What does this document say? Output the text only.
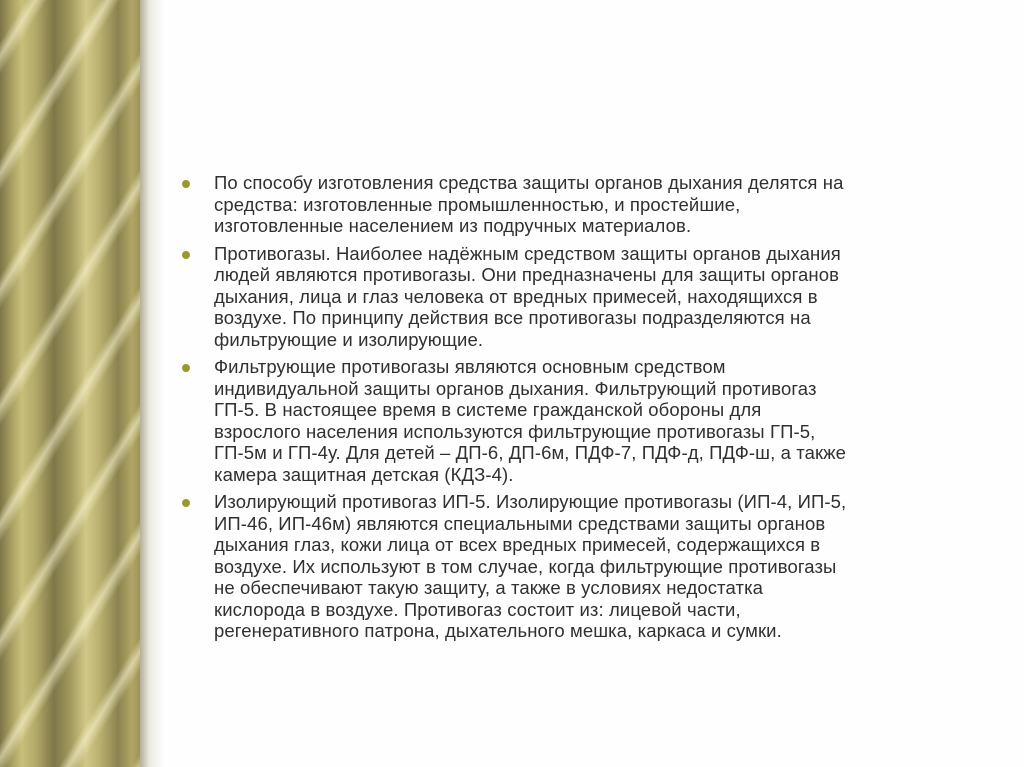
По способу изготовления средства защиты органов дыхания делятся на
средства: изготовленные промышленностью, и простейшие,
изготовленные населением из подручных материалов.
Противогазы. Наиболее надёжным средством защиты органов дыхания
людей являются противогазы. Они предназначены для защиты органов
дыхания, лица и глаз человека от вредных примесей, находящихся в
воздухе. По принципу действия все противогазы подразделяются на
фильтрующие и изолирующие.
Фильтрующие противогазы являются основным средством
индивидуальной защиты органов дыхания. Фильтрующий противогаз
ГП-5. В настоящее время в системе гражданской обороны для
взрослого населения используются фильтрующие противогазы ГП-5,
ГП-5м и ГП-4у. Для детей – ДП-6, ДП-6м, ПДФ-7, ПДФ-д, ПДФ-ш, а также
камера защитная детская (КДЗ-4).
Изолирующий противогаз ИП-5. Изолирующие противогазы (ИП-4, ИП-5,
ИП-46, ИП-46м) являются специальными средствами защиты органов
дыхания глаз, кожи лица от всех вредных примесей, содержащихся в
воздухе. Их используют в том случае, когда фильтрующие противогазы
не обеспечивают такую защиту, а также в условиях недостатка
кислорода в воздухе. Противогаз состоит из: лицевой части,
регенеративного патрона, дыхательного мешка, каркаса и сумки.
